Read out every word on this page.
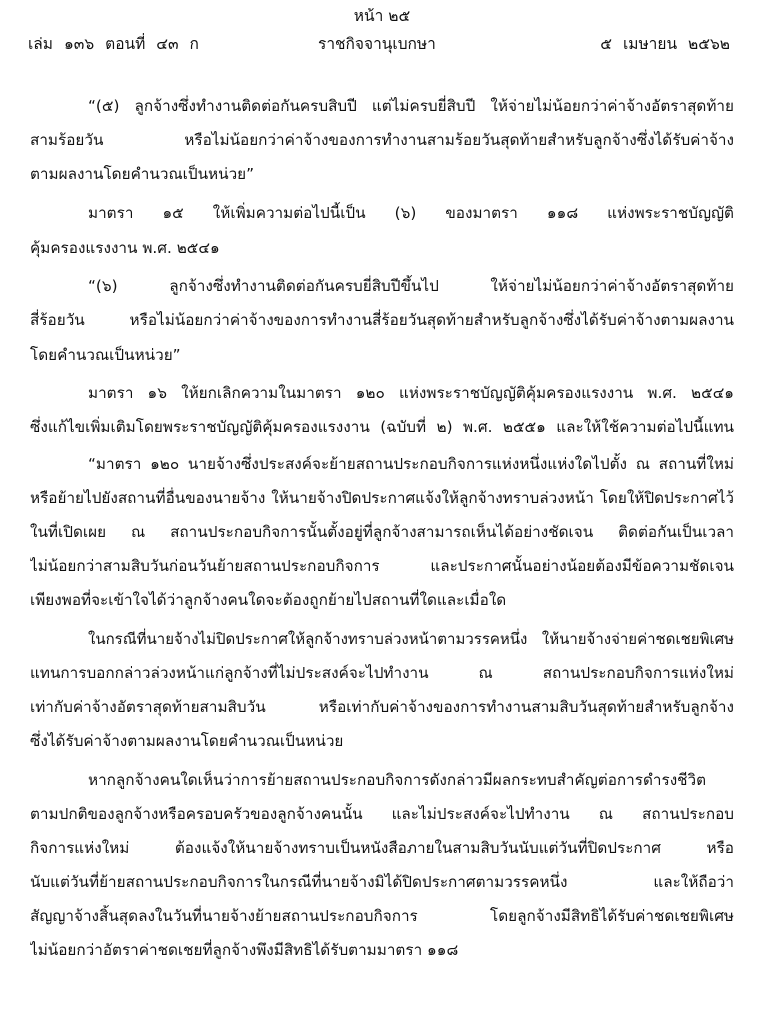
หน้า ๒๕
เล่ม ๑๓๖ ตอนที่ ๔๓ ก	ราชกิจจานุเบกษา	๕ เมษายน ๒๕๖๒
“(๕) ลูกจ้างซึ่งทำงานติดต่อกันครบสิบปี แต่ไม่ครบยี่สิบปี ให้จ่ายไม่น้อยกว่าค่าจ้างอัตราสุดท้าย
สามร้อยวัน หรือไม่น้อยกว่าค่าจ้างของการทำงานสามร้อยวันสุดท้ายสำหรับลูกจ้างซึ่งได้รับค่าจ้าง
ตามผลงานโดยคำนวณเป็นหน่วย”
มาตรา ๑๕ ให้เพิ่มความต่อไปนี้เป็น (๖) ของมาตรา ๑๑๘ แห่งพระราชบัญญัติ
คุ้มครองแรงงาน พ.ศ. ๒๕๔๑
“(๖) ลูกจ้างซึ่งทำงานติดต่อกันครบยี่สิบปีขึ้นไป ให้จ่ายไม่น้อยกว่าค่าจ้างอัตราสุดท้าย
สี่ร้อยวัน หรือไม่น้อยกว่าค่าจ้างของการทำงานสี่ร้อยวันสุดท้ายสำหรับลูกจ้างซึ่งได้รับค่าจ้างตามผลงาน
โดยคำนวณเป็นหน่วย”
มาตรา ๑๖ ให้ยกเลิกความในมาตรา ๑๒๐ แห่งพระราชบัญญัติคุ้มครองแรงงาน พ.ศ. ๒๕๔๑
ซึ่งแก้ไขเพิ่มเติมโดยพระราชบัญญัติคุ้มครองแรงงาน (ฉบับที่ ๒) พ.ศ. ๒๕๕๑ และให้ใช้ความต่อไปนี้แทน
“มาตรา ๑๒๐ นายจ้างซึ่งประสงค์จะย้ายสถานประกอบกิจการแห่งหนึ่งแห่งใดไปตั้ง ณ สถานที่ใหม่
หรือย้ายไปยังสถานที่อื่นของนายจ้าง ให้นายจ้างปิดประกาศแจ้งให้ลูกจ้างทราบล่วงหน้า โดยให้ปิดประกาศไว้
ในที่เปิดเผย ณ สถานประกอบกิจการนั้นตั้งอยู่ที่ลูกจ้างสามารถเห็นได้อย่างชัดเจน ติดต่อกันเป็นเวลา
ไม่น้อยกว่าสามสิบวันก่อนวันย้ายสถานประกอบกิจการ และประกาศนั้นอย่างน้อยต้องมีข้อความชัดเจน
เพียงพอที่จะเข้าใจได้ว่าลูกจ้างคนใดจะต้องถูกย้ายไปสถานที่ใดและเมื่อใด
ในกรณีที่นายจ้างไม่ปิดประกาศให้ลูกจ้างทราบล่วงหน้าตามวรรคหนึ่ง ให้นายจ้างจ่ายค่าชดเชยพิเศษ
แทนการบอกกล่าวล่วงหน้าแก่ลูกจ้างที่ไม่ประสงค์จะไปทำงาน ณ สถานประกอบกิจการแห่งใหม่
เท่ากับค่าจ้างอัตราสุดท้ายสามสิบวัน หรือเท่ากับค่าจ้างของการทำงานสามสิบวันสุดท้ายสำหรับลูกจ้าง
ซึ่งได้รับค่าจ้างตามผลงานโดยคำนวณเป็นหน่วย
หากลูกจ้างคนใดเห็นว่าการย้ายสถานประกอบกิจการดังกล่าวมีผลกระทบสำคัญต่อการดำรงชีวิต
ตามปกติของลูกจ้างหรือครอบครัวของลูกจ้างคนนั้น และไม่ประสงค์จะไปทำงาน ณ สถานประกอบ
กิจการแห่งใหม่ ต้องแจ้งให้นายจ้างทราบเป็นหนังสือภายในสามสิบวันนับแต่วันที่ปิดประกาศ หรือ
นับแต่วันที่ย้ายสถานประกอบกิจการในกรณีที่นายจ้างมิได้ปิดประกาศตามวรรคหนึ่ง และให้ถือว่า
สัญญาจ้างสิ้นสุดลงในวันที่นายจ้างย้ายสถานประกอบกิจการ โดยลูกจ้างมีสิทธิได้รับค่าชดเชยพิเศษ
ไม่น้อยกว่าอัตราค่าชดเชยที่ลูกจ้างพึงมีสิทธิได้รับตามมาตรา ๑๑๘
